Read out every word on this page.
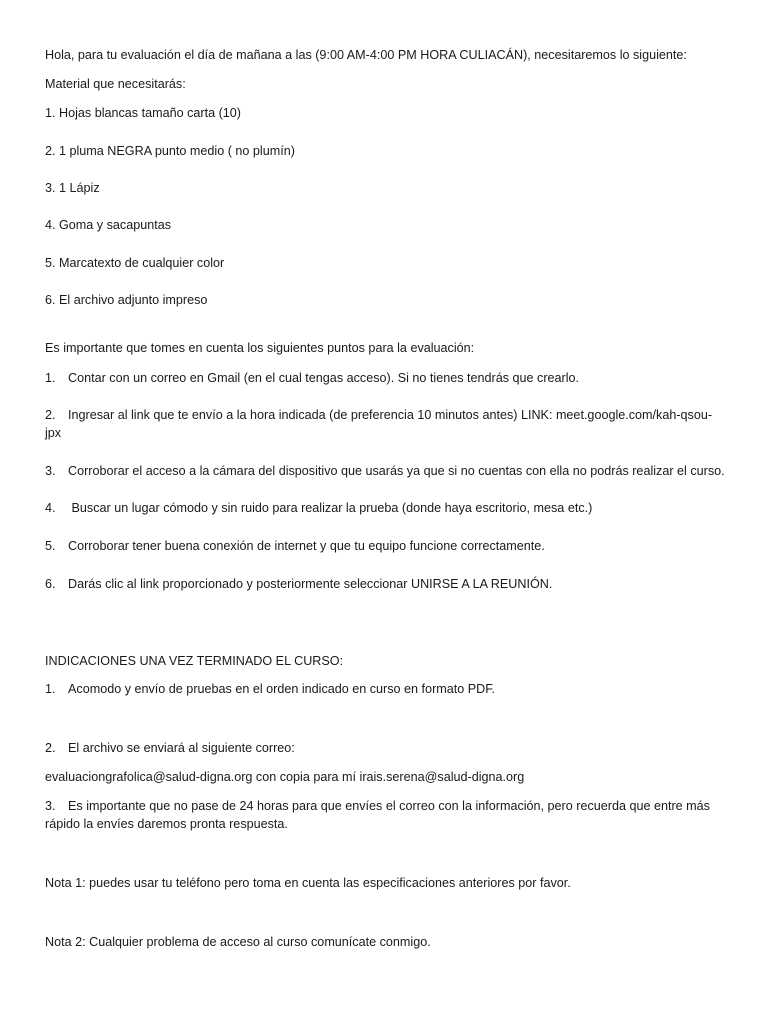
Hola, para tu evaluación el día de mañana a las (9:00 AM-4:00 PM HORA CULIACÁN), necesitaremos lo siguiente:
Material que necesitarás:
1. Hojas blancas tamaño carta (10)
2. 1 pluma NEGRA punto medio ( no plumín)
3. 1 Lápiz
4. Goma y sacapuntas
5. Marcatexto de cualquier color
6. El archivo adjunto impreso
Es importante que tomes en cuenta los siguientes puntos para la evaluación:
1. Contar con un correo en Gmail (en el cual tengas acceso). Si no tienes tendrás que crearlo.
2. Ingresar al link que te envío a la hora indicada (de preferencia 10 minutos antes) LINK: meet.google.com/kah-qsou-jpx
3. Corroborar el acceso a la cámara del dispositivo que usarás ya que si no cuentas con ella no podrás realizar el curso.
4. Buscar un lugar cómodo y sin ruido para realizar la prueba (donde haya escritorio, mesa etc.)
5. Corroborar tener buena conexión de internet y que tu equipo funcione correctamente.
6. Darás clic al link proporcionado y posteriormente seleccionar UNIRSE A LA REUNIÓN.
INDICACIONES UNA VEZ TERMINADO EL CURSO:
1. Acomodo y envío de pruebas en el orden indicado en curso en formato PDF.
2. El archivo se enviará al siguiente correo:
evaluaciongrafolica@salud-digna.org con copia para mí irais.serena@salud-digna.org
3. Es importante que no pase de 24 horas para que envíes el correo con la información, pero recuerda que entre más rápido la envíes daremos pronta respuesta.
Nota 1: puedes usar tu teléfono pero toma en cuenta las especificaciones anteriores por favor.
Nota 2: Cualquier problema de acceso al curso comunícate conmigo.
